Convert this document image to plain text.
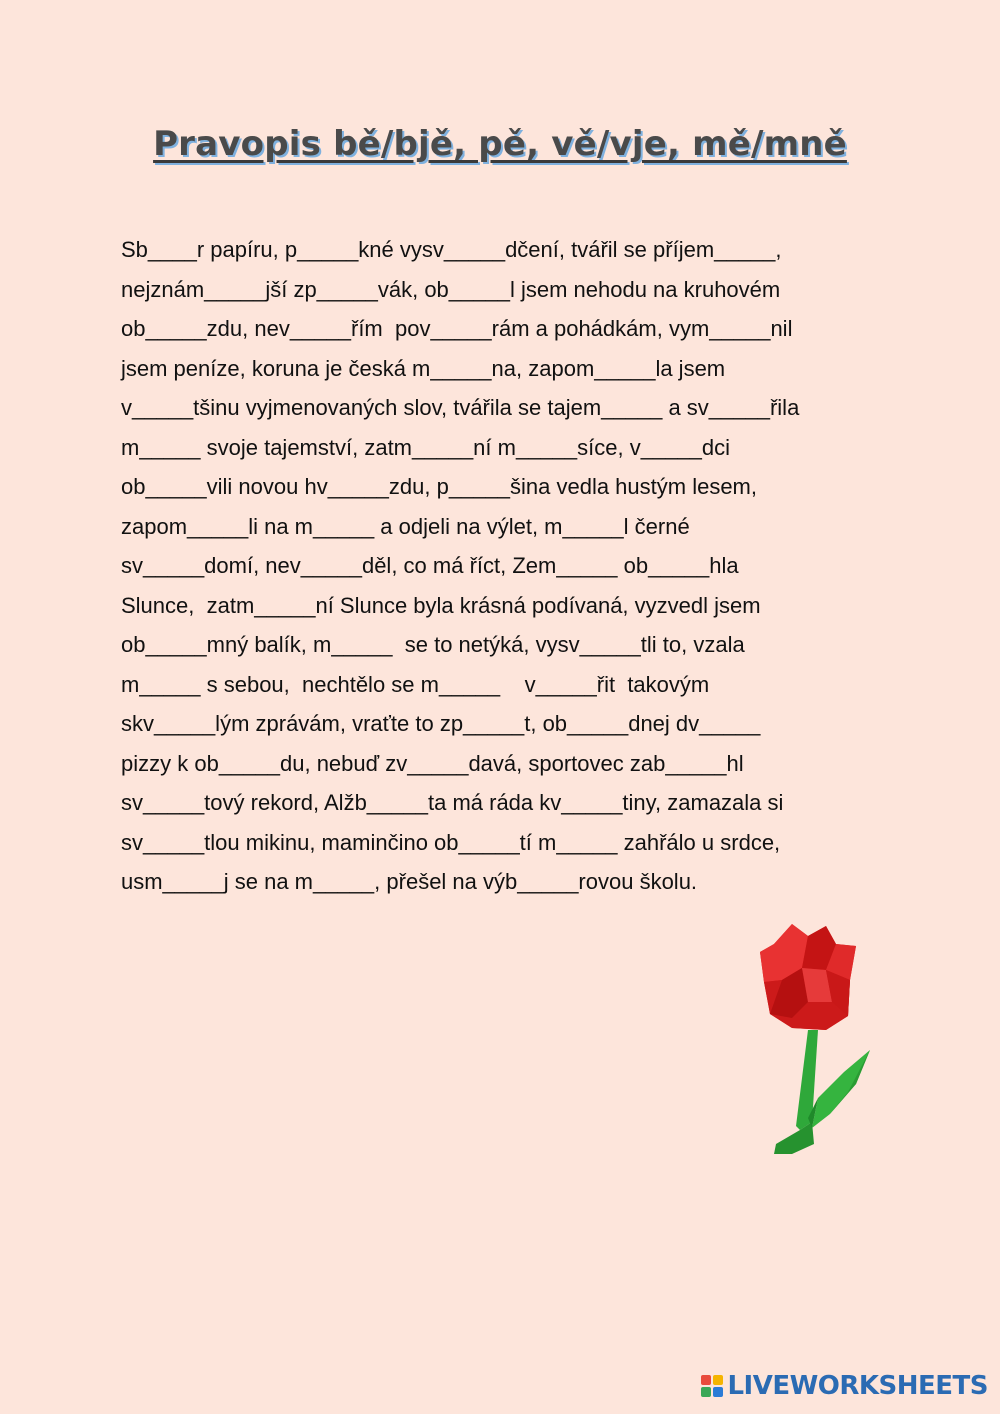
Pravopis bě/bjě, pě, vě/vje, mě/mně
Sb____r papíru, p_____kné vysv_____dčení, tvářil se příjem_____,
nejznám_____jší zp_____vák, ob_____l jsem nehodu na kruhovém
ob_____zdu, nev_____řím  pov_____rám a pohádkám, vym_____nil
jsem peníze, koruna je česká m_____na, zapom_____la jsem
v_____tšinu vyjmenovaných slov, tvářila se tajem_____ a sv_____řila
m_____ svoje tajemství, zatm_____ní m_____síce, v_____dci
ob_____vili novou hv_____zdu, p_____šina vedla hustým lesem,
zapom_____li na m_____ a odjeli na výlet, m_____l černé
sv_____domí, nev_____děl, co má říct, Zem_____ ob_____hla
Slunce,  zatm_____ní Slunce byla krásná podívaná, vyzvedl jsem
ob_____mný balík, m_____  se to netýká, vysv_____tli to, vzala
m_____ s sebou,  nechtělo se m_____    v_____řit  takovým
skv_____lým zprávám, vraťte to zp_____t, ob_____dnej dv_____
pizzy k ob_____du, nebuď zv_____davá, sportovec zab_____hl
sv_____tový rekord, Alžb_____ta má ráda kv_____tiny, zamazala si
sv_____tlou mikinu, maminčino ob_____tí m_____ zahřálo u srdce,
usm_____j se na m_____, přešel na výb_____rovou školu.
LIVEWORKSHEETS
